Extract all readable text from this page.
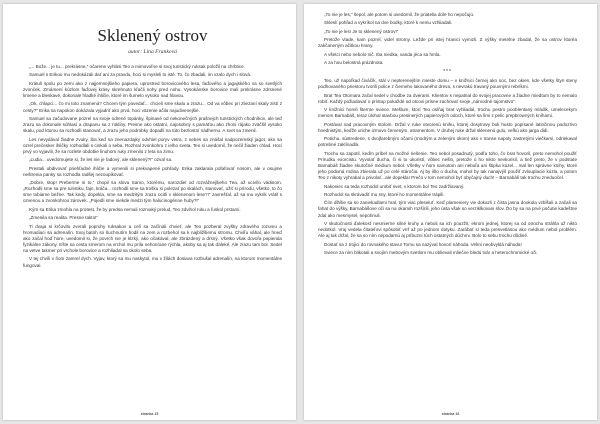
Sklenený ostrov
autor: Lina Franková

„... Bože... je tu... prekrásne,“ očarene vyhlási Teo a mimovoľne si svoj turistický ruksak položil na chrbtice.

Samuel s Erikou mu nedokázali dať ani za pravdu, hoci si mysleli to isté. To, čo zbadali, im vzalo dych i slová.

Krátuli spolu po zemi ako z najjemnejšieho papiera, uprostred borovicového lesa, faďového a jagajského va so svetlých zvonček. Zmámení kúzlom faďovej krásy skrehnuto kľačli nohy pred nohu. Vysokánske borovice mali prekrásne zdrsnené kmene a bleskavé, dokonale hladké ihličie, ktoré im šumelo vysoko nad hlavou.

„Ok, chlapci... čo mi toto znamená? Chcem tým povedať... chcieli sme skalu a zrazu... Od va vôbec pri zliezaní skaly zistí z cesty?“ Erika sa napokon dokázala vyjadriť ako prvá, hoci väzenie ačila najudivenejšie.

Samuel sa začudovane pozrel na svoje odrené topánky, špinavé od nekonečných prašnejch turistických chodníkov, ale teď zrazu sa dokonale súhlasí a drapanu sa z rokliny. Presne ako ostatní, najosobný s pamäťou ako zhoni rájako zväčšil vysoko skalu, pod ktorou sa rozhodli stanovať, a zrazu jeho podrobky dopadli na túto bezlostní nádhernu. A svet sa zmenil.

Les nevydával žiadne zvuky, iba keď sa znenazdajky odvhiel poryv vetra, z nebes sa znášal nadpozemský jagot, ako sa ozrel prečesker ihličky rozhodlali s cinkali o seba. Rozhral zvonkohru z ielho sveta. Teo si uvedomil, že nečil žiaden chlad. Hoci prvý vo vyjavili, že sa rozlete obdobie linuhom ruky zmenilo z leta na zimu.

„Ľudia... uvedomujete si, že les nie je ľadový, ale sklenený?!“ ozval sa.

Prestali ubdivovať priehľadné ihličie a vymenili si prekvapené pohľady. Erika zaklarala pofafovať nosom, ale v osujme neštrenia panky sa rozhodla radšej nezoupikovať.

„Dobre, stop! Preberme si to,“ chopil sa slova Samo, ktorému, narozdiel od rozvážnejšieho Tea, až ucivílo vádinom. „Rozhodli sme sa pre turistiku, fajn, kráča... rozhodli sme sa trošku si polezať po skalách, stanovať, užiť si prírodu, všetko, to čo sme tobiame bežne. Tak kedy, dopekla, sme sa medzitým zrazu ocitli v sklenenom lese?!“ zavrešťal, až sa mu vykrik vrátil s ozvenou a zvonkohrou zárovek. „Pojedli sme niekde medzi tým halucinogénne huby?!“

Kým sa Erika zmohla na protest, že by predsa nemali rozrvaký prelud, Teo zdvihol ruku a ľuskol prstami.

„Zmenila sa realita. Presne takto!“

Ti dvaja si krčovito zverali popruhy ruksakov a celí sa začínali chvieť, ale Teo pozberal zvyšky zdravého rozumu a hromadiaci sa adrenalín. Svoj batoh so šuchnutím hodil na zem a rozbehol sa k najbližšiemu stromu. Chvíľu váhal, ale hneď ako začal hoď hore, uvedomil si, že povrch nie je klzký, ako očakával, ale zbrázdený a drsný. Všetko však dovoľa popierala fyzikálne zákony. Ešte sa cesta smerom na vrchol mu príla nehonrane rýchla, akoby sa aj tak ďaleké. Ale zrazu tam bol. Sedel na vetve takmer pri vrchole borovice a rozhliadal sa okolo seba.

V tej chvíli v ňom zamrel dych. Vyjav, ktorý sa mu naskytol, mu v žilách dosiava rozbušal adrenalín, na ktorom momentálne fungoval.

strànka 15

„To nie je les,“ šepol, ale potom si uvedomil, že priatelia dole ho nepočujú.

Skleslí pohľad a vykríkol na dve bodky, ktoré k nemu vzhliadali.

„To nie je les! Je to sklenený ostrov!“

Pretože vlade, kam pozrel, videl stromy. Ležde pri istej hranici vymizli. Z výšky metelne zbadal, že sa ostrov ktoréa zakčaneným ačitkou hrany.

A všetci nebo nebolo nič. Iba niedka, vanda jéca sa hmla.

A za hou belostná prázdnota.

***

Teo, už napoľkad čiváčík, stál v nepterenejším mieste domu – v knižnici černej ako noc, bez okien, kde všetky štyri steny podhovaného priestoru tvorili police z čiemeho lakovaného dreva, s nevrakú travaný pouvnými rebríkmi.

Brat Tea Otomara začal sedel v chodbe za dverami. Klientov s nepatrial do svojej pracovne a žiadne miedtum by to nemalo robiť. Každý požiadavať o prístup pokaždé od otcovi prísne zachovať svoje „nárvodné tajomstvo“.

V knižnici horeli štemre sviece. Mešlum, ktorí Teo oslňaj brat vyhliadal, trochu pestro pooblentaný mládik, umelecekym menom Barnabáš, teraz úlohal stavbou presinerých papierových odoch, ktoré sa lími z pelic prepbrowných kníhami.

Postával nad pracovným stolom. Držal v ruke otvorenú knihu, ktorej dnsytravy boli husto popísané latinčinou podozrivo hnednistým, keďže uriche izmovo červeným, atramentom. V druhej ruke držal sklenenú gulu, veľkú ako jarga didi.

Potichu, sústredene, s dvojfarebným očami (modrým a zeleným okom) ako v transe napoly zastretými viečkami, odriekaval potrebné zaklínadlá.

Trochu sa zapotil, keďm príbel na možné riešenie. Teo nebol posadnutý, podľa toho, čo brat hovoril, preto nemohol použiť Prírudku exorcistu. Vyvolať ducha, či si to ukoristí, vôbec nešlo, pretože ú ho nikto nevkorisil, a tiež preto, že v podstate Barnabáš žiadne skutočné médium nebol. Všetky v ňom samotom ani neboľa ani štipka kúzel... mal len správne knihy, ktoré jeho podivná rodina zbierala už po celé stáročia. Aj by išlo o ducha, mohol by tak nanajvýš použiť zvlouplacie kúzla, a potom Teo z nikoty vyhrabal a privolať...ale dopekla! Prečo v tom nemohol byť obyčajný duch! – Barnabáš tak trochu zneduočel.

Nakoniec sa teda rozhodol urobiť svet, v ktorom bol Teo zadržiavaný.

Rozhodol sa skrávadiť mu sny, ktoré ho momentálne trápili.

Čím dlhšie sa so zaniekadlami hral, tým viac pleseiuť. Keď plameniery vie dokazli z čísta jasna dookola vzbĺšali a začali sa fahat do výšky, Barnabášove oči sa na okamih rozšírili, jeho ústa však so verziklkovani slov. Ďo by sa na prvé počutie kadeštne zdal ako mesmysel, nepohnuli.

V skutočnosti ďalekosť nesmierne silné kruhy a neboli sa ich pouzžit, ekrom jednej, ktorej sa od otrochu stráhla už nikto nedotkol. Vraj vedela čitateľovi spôsobiť vrrf až po jednom dotyku. Zarábať si teda presvetlásou ako médium nebol problém. Ale aj tak držal, že sa so ním nepodarnú aj príbuzní túch ostatných dúchmi. Bolo to sebu trochu dôdiné.

Dostať sa z trojici do rovnakého stavu! Tomu sa nazýval hovorí náhoda. Velmi neobvyklá náhoda!

Sviece za ním blikotali a svojím mebovým svetlom mu oblievali mliečne bledú tvár a heterochromické oči.

stránka 16
